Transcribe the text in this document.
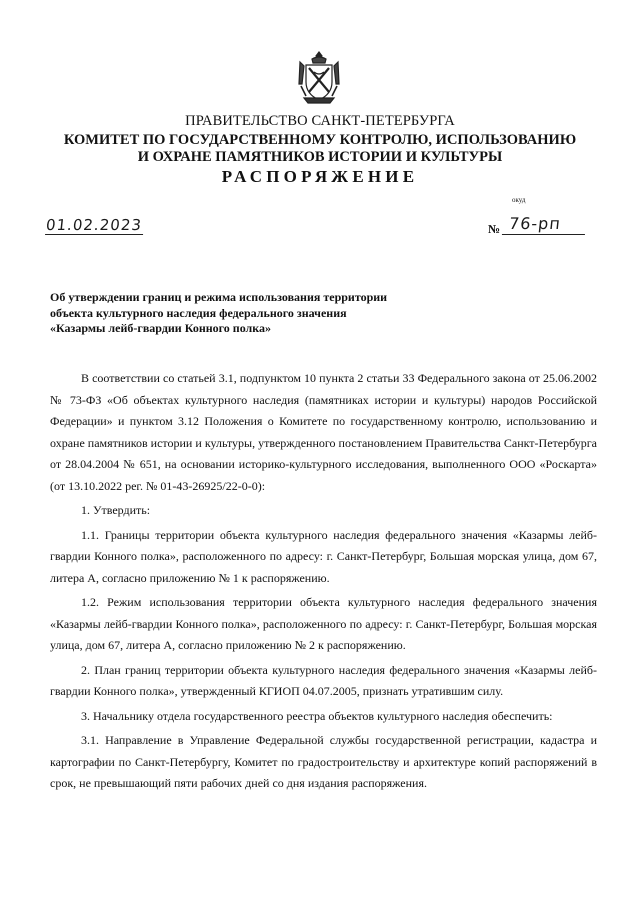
ПРАВИТЕЛЬСТВО САНКТ-ПЕТЕРБУРГА
КОМИТЕТ ПО ГОСУДАРСТВЕННОМУ КОНТРОЛЮ, ИСПОЛЬЗОВАНИЮ
И ОХРАНЕ ПАМЯТНИКОВ ИСТОРИИ И КУЛЬТУРЫ
РАСПОРЯЖЕНИЕ
окуд
01.02.2023	№ 76-рп
Об утверждении границ и режима использования территории
объекта культурного наследия федерального значения
«Казармы лейб-гвардии Конного полка»

В соответствии со статьей 3.1, подпунктом 10 пункта 2 статьи 33 Федерального закона от 25.06.2002 № 73-ФЗ «Об объектах культурного наследия (памятниках истории и культуры) народов Российской Федерации» и пунктом 3.12 Положения о Комитете по государственному контролю, использованию и охране памятников истории и культуры, утвержденного постановлением Правительства Санкт-Петербурга от 28.04.2004 № 651, на основании историко-культурного исследования, выполненного ООО «Роскарта» (от 13.10.2022 рег. № 01-43-26925/22-0-0):

1. Утвердить:

1.1. Границы территории объекта культурного наследия федерального значения «Казармы лейб-гвардии Конного полка», расположенного по адресу: г. Санкт-Петербург, Большая морская улица, дом 67, литера А, согласно приложению № 1 к распоряжению.

1.2. Режим использования территории объекта культурного наследия федерального значения «Казармы лейб-гвардии Конного полка», расположенного по адресу: г. Санкт-Петербург, Большая морская улица, дом 67, литера А, согласно приложению № 2 к распоряжению.

2. План границ территории объекта культурного наследия федерального значения «Казармы лейб-гвардии Конного полка», утвержденный КГИОП 04.07.2005, признать утратившим силу.

3. Начальнику отдела государственного реестра объектов культурного наследия обеспечить:

3.1. Направление в Управление Федеральной службы государственной регистрации, кадастра и картографии по Санкт-Петербургу, Комитет по градостроительству и архитектуре копий распоряжений в срок, не превышающий пяти рабочих дней со дня издания распоряжения.
